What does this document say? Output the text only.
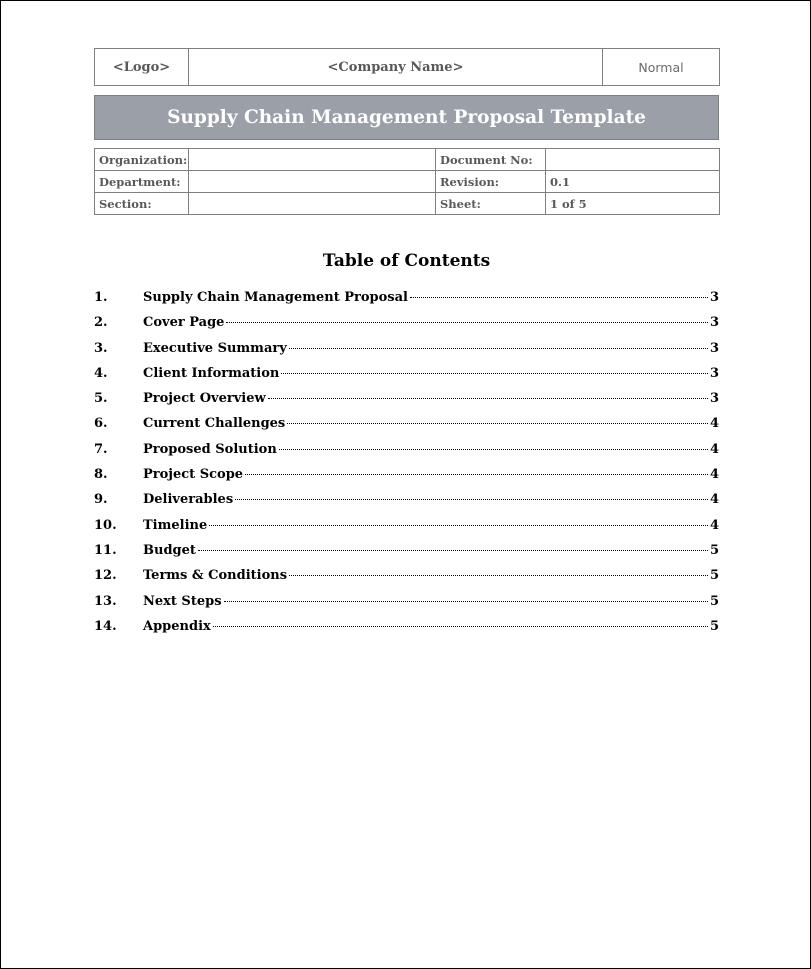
<Logo>	<Company Name>	Normal
Supply Chain Management Proposal Template
Organization:		Document No:	
Department:		Revision:	0.1
Section:		Sheet:	1 of 5
Table of Contents
1.	Supply Chain Management Proposal	3
2.	Cover Page	3
3.	Executive Summary	3
4.	Client Information	3
5.	Project Overview	3
6.	Current Challenges	4
7.	Proposed Solution	4
8.	Project Scope	4
9.	Deliverables	4
10.	Timeline	4
11.	Budget	5
12.	Terms & Conditions	5
13.	Next Steps	5
14.	Appendix	5
